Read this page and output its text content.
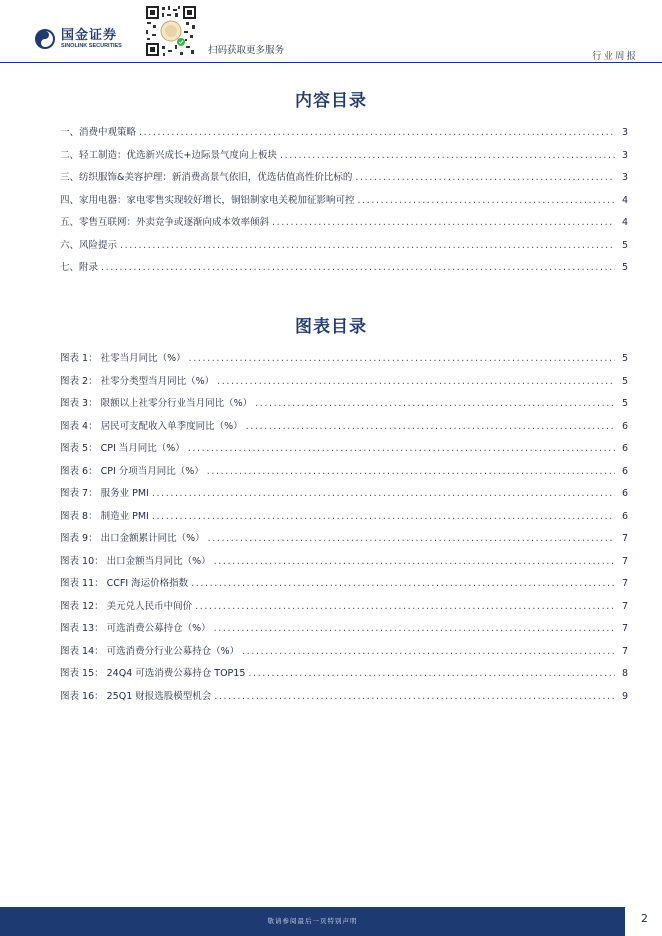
国金证券
SINOLINK SECURITIES	扫码获取更多服务
行业周报
内容目录
一、消费中观策略 .....	3
二、轻工制造：优选新兴成长+边际景气度向上板块 .....	3
三、纺织服饰&美容护理：新消费高景气依旧，优选估值高性价比标的 .....	3
四、家用电器：家电零售实现较好增长，铜铝制家电关税加征影响可控 .....	4
五、零售互联网：外卖竞争或逐渐向成本效率倾斜 .....	4
六、风险提示 .....	5
七、附录 .....	5
图表目录
图表 1： 社零当月同比（%） .....	5
图表 2： 社零分类型当月同比（%） .....	5
图表 3： 限额以上社零分行业当月同比（%） .....	5
图表 4： 居民可支配收入单季度同比（%） .....	6
图表 5： CPI 当月同比（%） .....	6
图表 6： CPI 分项当月同比（%） .....	6
图表 7： 服务业 PMI .....	6
图表 8： 制造业 PMI .....	6
图表 9： 出口金额累计同比（%） .....	7
图表 10： 出口金额当月同比（%） .....	7
图表 11： CCFI 海运价格指数 .....	7
图表 12： 美元兑人民币中间价 .....	7
图表 13： 可选消费公募持仓（%） .....	7
图表 14： 可选消费分行业公募持仓（%） .....	7
图表 15： 24Q4 可选消费公募持仓 TOP15 .....	8
图表 16： 25Q1 财报选股模型机会 .....	9
敬请参阅最后一页特别声明	2
